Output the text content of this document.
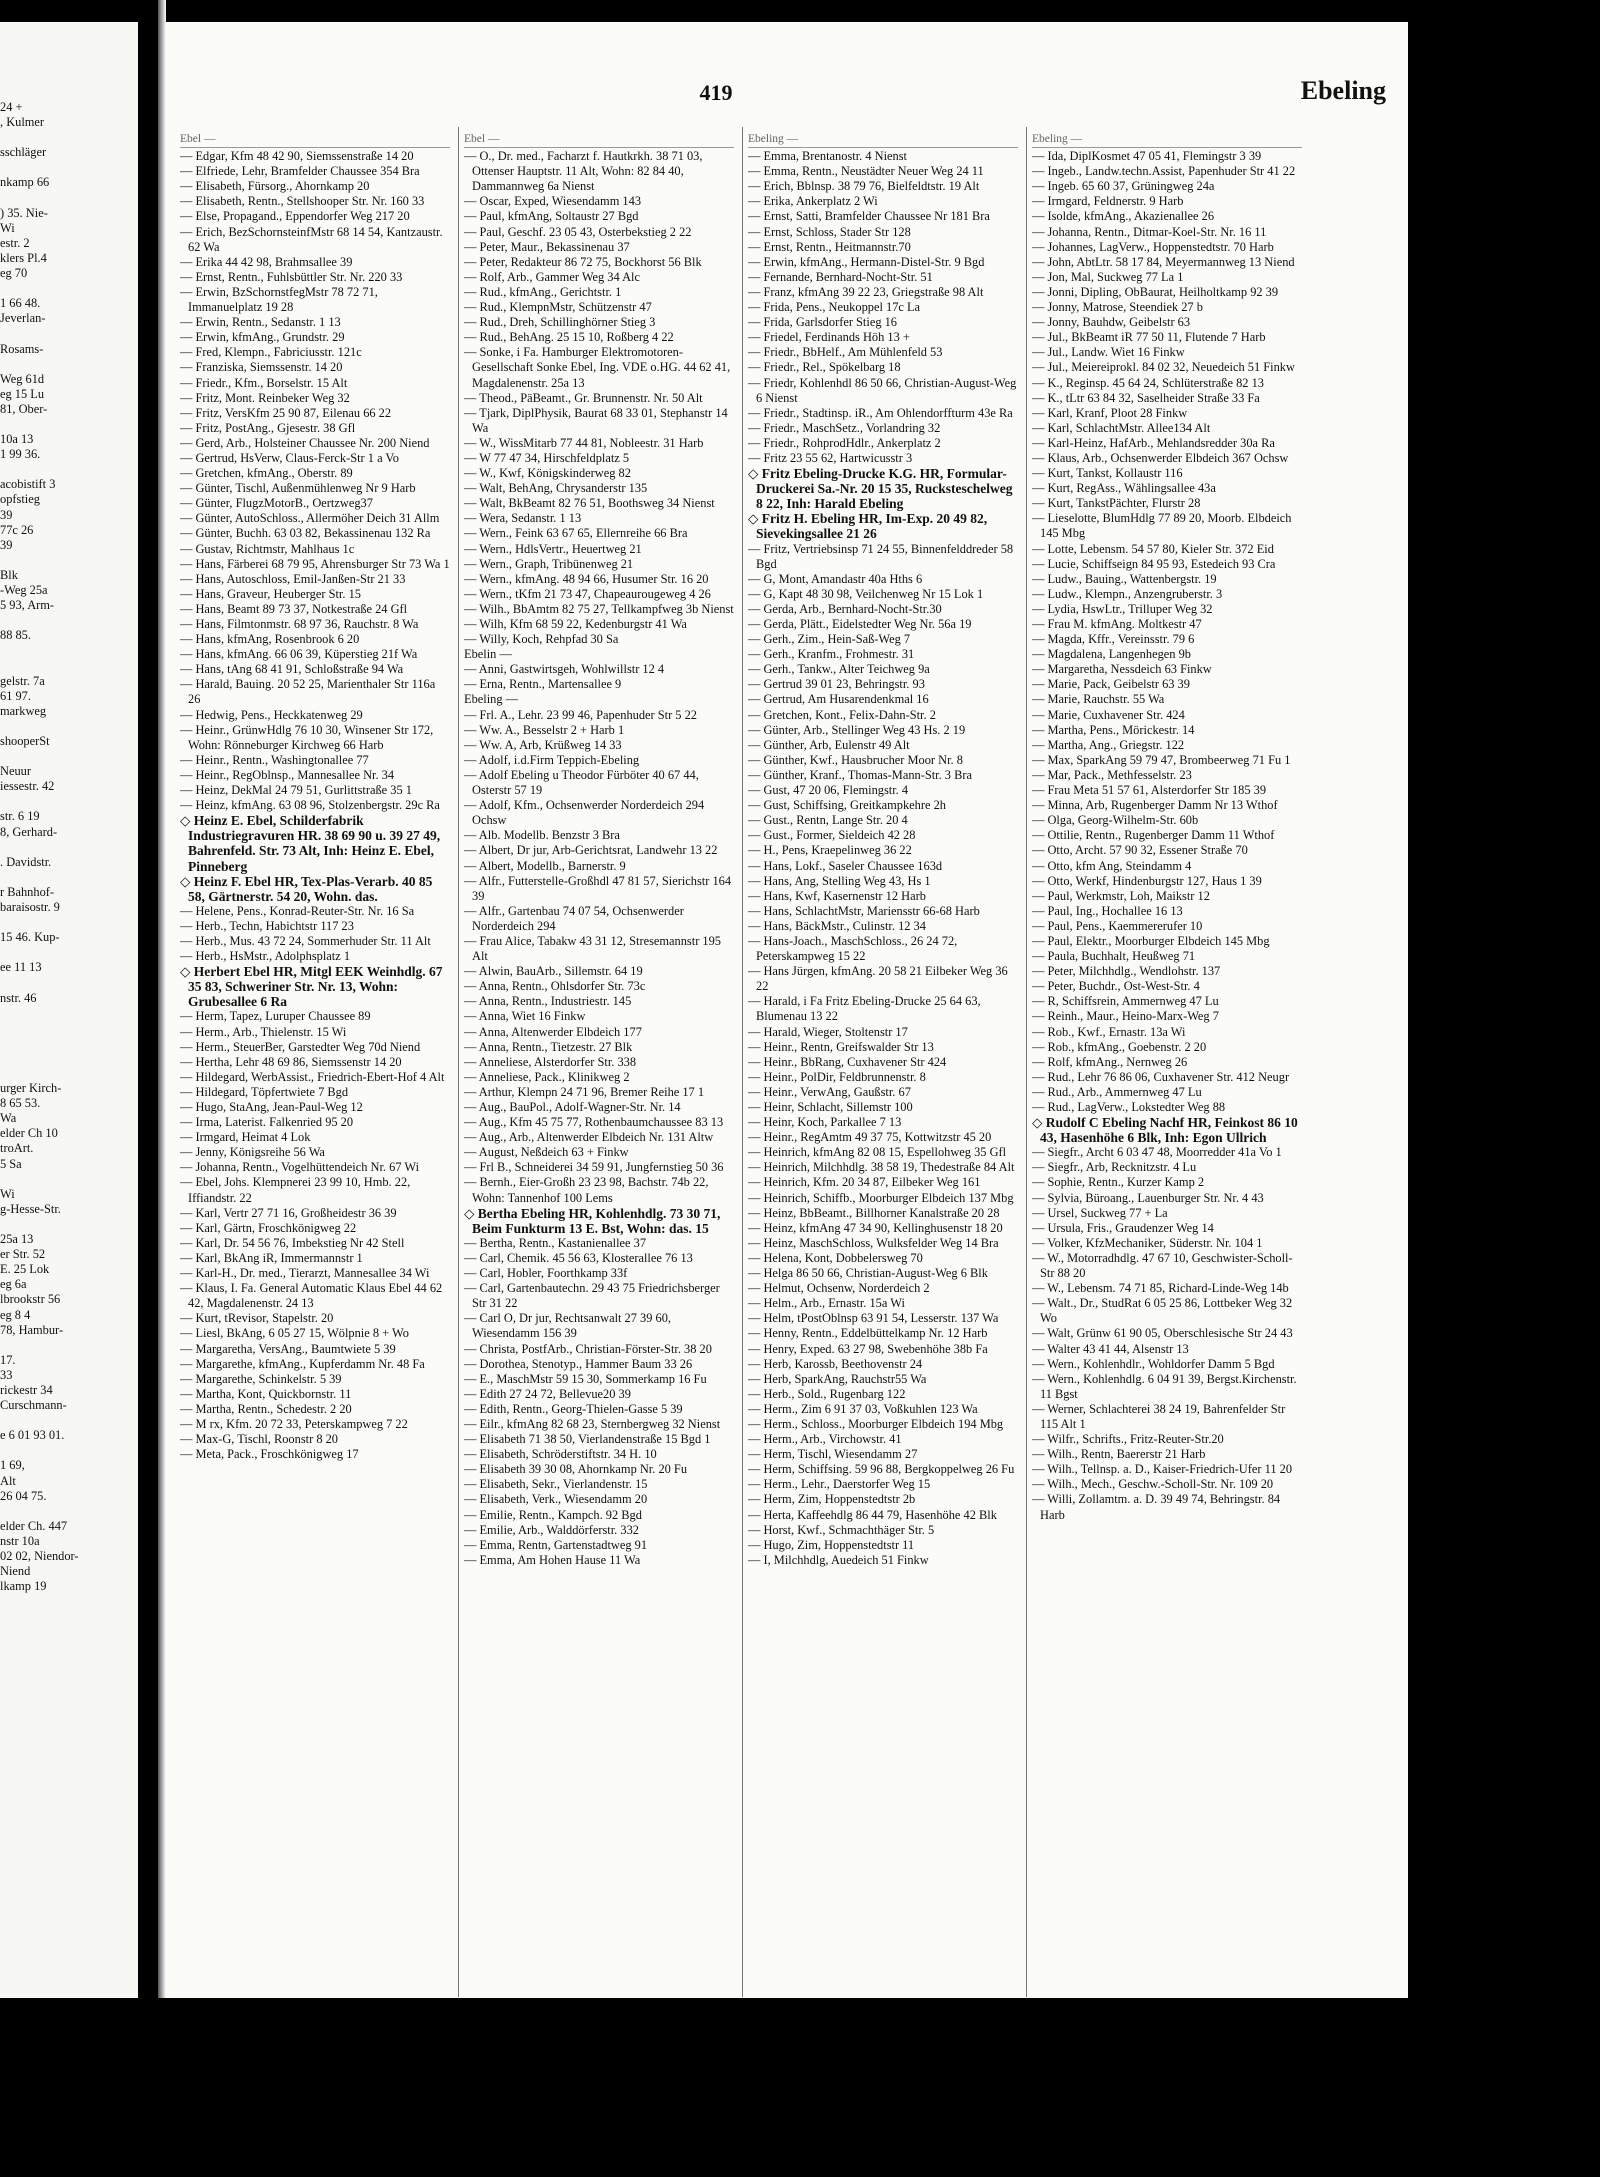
24 +
, Kulmer
sschläger
nkamp 66
) 35. Nie-
Wi
estr. 2
klers Pl.4
eg 70
1 66 48.
Jeverlan-
Rosams-
Weg 61d
eg 15 Lu
81, Ober-
10a 13
1 99 36.
acobistift 3
opfstieg
39
77c 26
39
Blk
-Weg 25a
5 93, Arm-
88 85.
gelstr. 7a
61 97.
markweg
shooperSt
Neuur
iessestr. 42
str. 6 19
8, Gerhard-
. Davidstr.
r Bahnhof-
baraisostr. 9
15 46. Kup-
ee 11 13
nstr. 46
urger Kirch-
8 65 53.
Wa
elder Ch 10
troArt.
5 Sa
Wi
g-Hesse-Str.
25a 13
er Str. 52
E. 25 Lok
eg 6a
lbrookstr 56
eg 8 4
78, Hambur-
17.
33
rickestr 34
Curschmann-
e 6 01 93 01.
1 69,
Alt
26 04 75.
elder Ch. 447
nstr 10a
02 02, Niendor-
Niend
lkamp 19
419	Ebeling
Ebel —
— Edgar, Kfm 48 42 90, Siemssenstraße 14 20
— Elfriede, Lehr, Bramfelder Chaussee 354 Bra
— Elisabeth, Fürsorg., Ahornkamp 20
— Elisabeth, Rentn., Stellshooper Str. Nr. 160 33
— Else, Propagand., Eppendorfer Weg 217 20
— Erich, BezSchornsteinfMstr 68 14 54, Kantzaustr. 62 Wa
— Erika 44 42 98, Brahmsallee 39
— Ernst, Rentn., Fuhlsbüttler Str. Nr. 220 33
— Erwin, BzSchornstfegMstr 78 72 71, Immanuelplatz 19 28
— Erwin, Rentn., Sedanstr. 1 13
— Erwin, kfmAng., Grundstr. 29
— Fred, Klempn., Fabriciusstr. 121c
— Franziska, Siemssenstr. 14 20
— Friedr., Kfm., Borselstr. 15 Alt
— Fritz, Mont. Reinbeker Weg 32
— Fritz, VersKfm 25 90 87, Eilenau 66 22
— Fritz, PostAng., Gjesestr. 38 Gfl
— Gerd, Arb., Holsteiner Chaussee Nr. 200 Niend
— Gertrud, HsVerw, Claus-Ferck-Str 1 a Vo
— Gretchen, kfmAng., Oberstr. 89
— Günter, Tischl, Außenmühlenweg Nr 9 Harb
— Günter, FlugzMotorB., Oertzweg37
— Günter, AutoSchloss., Allermöher Deich 31 Allm
— Günter, Buchh. 63 03 82, Bekassinenau 132 Ra
— Gustav, Richtmstr, Mahlhaus 1c
— Hans, Färberei 68 79 95, Ahrensburger Str 73 Wa 1
— Hans, Autoschloss, Emil-Janßen-Str 21 33
— Hans, Graveur, Heuberger Str. 15
— Hans, Beamt 89 73 37, Notkestraße 24 Gfl
— Hans, Filmtonmstr. 68 97 36, Rauchstr. 8 Wa
— Hans, kfmAng, Rosenbrook 6 20
— Hans, kfmAng. 66 06 39, Küperstieg 21f Wa
— Hans, tAng 68 41 91, Schloßstraße 94 Wa
— Harald, Bauing. 20 52 25, Marienthaler Str 116a 26
— Hedwig, Pens., Heckkatenweg 29
— Heinr., GrünwHdlg 76 10 30, Winsener Str 172, Wohn: Rönneburger Kirchweg 66 Harb
— Heinr., Rentn., Washingtonallee 77
— Heinr., RegOblnsp., Mannesallee Nr. 34
— Heinz, DekMal 24 79 51, Gurlittstraße 35 1
— Heinz, kfmAng. 63 08 96, Stolzenbergstr. 29c Ra
◇ Heinz E. Ebel, Schilderfabrik Industriegravuren HR. 38 69 90 u. 39 27 49, Bahrenfeld. Str. 73 Alt, Inh: Heinz E. Ebel, Pinneberg
◇ Heinz F. Ebel HR, Tex-Plas-Verarb. 40 85 58, Gärtnerstr. 54 20, Wohn. das.
— Helene, Pens., Konrad-Reuter-Str. Nr. 16 Sa
— Herb., Techn, Habichtstr 117 23
— Herb., Mus. 43 72 24, Sommerhuder Str. 11 Alt
— Herb., HsMstr., Adolphsplatz 1
◇ Herbert Ebel HR, Mitgl EEK Weinhdlg. 67 35 83, Schweriner Str. Nr. 13, Wohn: Grubesallee 6 Ra
— Herm, Tapez, Luruper Chaussee 89
— Herm., Arb., Thielenstr. 15 Wi
— Herm., SteuerBer, Garstedter Weg 70d Niend
— Hertha, Lehr 48 69 86, Siemssenstr 14 20
— Hildegard, WerbAssist., Friedrich-Ebert-Hof 4 Alt
— Hildegard, Töpfertwiete 7 Bgd
— Hugo, StaAng, Jean-Paul-Weg 12
— Irma, Laterist. Falkenried 95 20
— Irmgard, Heimat 4 Lok
— Jenny, Königsreihe 56 Wa
— Johanna, Rentn., Vogelhüttendeich Nr. 67 Wi
— Ebel, Johs. Klempnerei 23 99 10, Hmb. 22, Iffiandstr. 22
— Karl, Vertr 27 71 16, Großheidestr 36 39
— Karl, Gärtn, Froschkönigweg 22
— Karl, Dr. 54 56 76, Imbekstieg Nr 42 Stell
— Karl, BkAng iR, Immermannstr 1
— Karl-H., Dr. med., Tierarzt, Mannesallee 34 Wi
— Klaus, I. Fa. General Automatic Klaus Ebel 44 62 42, Magdalenenstr. 24 13
— Kurt, tRevisor, Stapelstr. 20
— Liesl, BkAng, 6 05 27 15, Wölpnie 8 + Wo
— Margaretha, VersAng., Baumtwiete 5 39
— Margarethe, kfmAng., Kupferdamm Nr. 48 Fa
— Margarethe, Schinkelstr. 5 39
— Martha, Kont, Quickbornstr. 11
— Martha, Rentn., Schedestr. 2 20
— M rx, Kfm. 20 72 33, Peterskampweg 7 22
— Max-G, Tischl, Roonstr 8 20
— Meta, Pack., Froschkönigweg 17
Ebel —
— O., Dr. med., Facharzt f. Hautkrkh. 38 71 03, Ottenser Hauptstr. 11 Alt, Wohn: 82 84 40, Dammannweg 6a Nienst
— Oscar, Exped, Wiesendamm 143
— Paul, kfmAng, Soltaustr 27 Bgd
— Paul, Geschf. 23 05 43, Osterbekstieg 2 22
— Peter, Maur., Bekassinenau 37
— Peter, Redakteur 86 72 75, Bockhorst 56 Blk
— Rolf, Arb., Gammer Weg 34 Alc
— Rud., kfmAng., Gerichtstr. 1
— Rud., KlempnMstr, Schützenstr 47
— Rud., Dreh, Schillinghörner Stieg 3
— Rud., BehAng. 25 15 10, Roßberg 4 22
— Sonke, i Fa. Hamburger Elektromotoren-Gesellschaft Sonke Ebel, Ing. VDE o.HG. 44 62 41, Magdalenenstr. 25a 13
— Theod., PäBeamt., Gr. Brunnenstr. Nr. 50 Alt
— Tjark, DiplPhysik, Baurat 68 33 01, Stephanstr 14 Wa
— W., WissMitarb 77 44 81, Nobleestr. 31 Harb
— W 77 47 34, Hirschfeldplatz 5
— W., Kwf, Königskinderweg 82
— Walt, BehAng, Chrysanderstr 135
— Walt, BkBeamt 82 76 51, Boothsweg 34 Nienst
— Wera, Sedanstr. 1 13
— Wern., Feink 63 67 65, Ellernreihe 66 Bra
— Wern., HdlsVertr., Heuertweg 21
— Wern., Graph, Tribünenweg 21
— Wern., kfmAng. 48 94 66, Husumer Str. 16 20
— Wern., tKfm 21 73 47, Chapeaurougeweg 4 26
— Wilh., BbAmtm 82 75 27, Tellkampfweg 3b Nienst
— Wilh, Kfm 68 59 22, Kedenburgstr 41 Wa
— Willy, Koch, Rehpfad 30 Sa
Ebelin —
— Anni, Gastwirtsgeh, Wohlwillstr 12 4
— Erna, Rentn., Martensallee 9
Ebeling —
— Frl. A., Lehr. 23 99 46, Papenhuder Str 5 22
— Ww. A., Besselstr 2 + Harb 1
— Ww. A, Arb, Krüßweg 14 33
— Adolf, i.d.Firm Teppich-Ebeling
— Adolf Ebeling u Theodor Fürböter 40 67 44, Osterstr 57 19
— Adolf, Kfm., Ochsenwerder Norderdeich 294 Ochsw
— Alb. Modellb. Benzstr 3 Bra
— Albert, Dr jur, Arb-Gerichtsrat, Landwehr 13 22
— Albert, Modellb., Barnerstr. 9
— Alfr., Futterstelle-Großhdl 47 81 57, Sierichstr 164 39
— Alfr., Gartenbau 74 07 54, Ochsenwerder Norderdeich 294
— Frau Alice, Tabakw 43 31 12, Stresemannstr 195 Alt
— Alwin, BauArb., Sillemstr. 64 19
— Anna, Rentn., Ohlsdorfer Str. 73c
— Anna, Rentn., Industriestr. 145
— Anna, Wiet 16 Finkw
— Anna, Altenwerder Elbdeich 177
— Anna, Rentn., Tietzestr. 27 Blk
— Anneliese, Alsterdorfer Str. 338
— Anneliese, Pack., Klinikweg 2
— Arthur, Klempn 24 71 96, Bremer Reihe 17 1
— Aug., BauPol., Adolf-Wagner-Str. Nr. 14
— Aug., Kfm 45 75 77, Rothenbaumchaussee 83 13
— Aug., Arb., Altenwerder Elbdeich Nr. 131 Altw
— August, Neßdeich 63 + Finkw
— Frl B., Schneiderei 34 59 91, Jungfernstieg 50 36
— Bernh., Eier-Großh 23 23 98, Bachstr. 74b 22, Wohn: Tannenhof 100 Lems
◇ Bertha Ebeling HR, Kohlenhdlg. 73 30 71, Beim Funkturm 13 E. Bst, Wohn: das. 15
— Bertha, Rentn., Kastanienallee 37
— Carl, Chemik. 45 56 63, Klosterallee 76 13
— Carl, Hobler, Foorthkamp 33f
— Carl, Gartenbautechn. 29 43 75 Friedrichsberger Str 31 22
— Carl O, Dr jur, Rechtsanwalt 27 39 60, Wiesendamm 156 39
— Christa, PostfArb., Christian-Förster-Str. 38 20
— Dorothea, Stenotyp., Hammer Baum 33 26
— E., MaschMstr 59 15 30, Sommerkamp 16 Fu
— Edith 27 24 72, Bellevue20 39
— Edith, Rentn., Georg-Thielen-Gasse 5 39
— Eilr., kfmAng 82 68 23, Sternbergweg 32 Nienst
— Elisabeth 71 38 50, Vierlandenstraße 15 Bgd 1
— Elisabeth, Schröderstiftstr. 34 H. 10
— Elisabeth 39 30 08, Ahornkamp Nr. 20 Fu
— Elisabeth, Sekr., Vierlandenstr. 15
— Elisabeth, Verk., Wiesendamm 20
— Emilie, Rentn., Kampch. 92 Bgd
— Emilie, Arb., Walddörferstr. 332
— Emma, Rentn, Gartenstadtweg 91
— Emma, Am Hohen Hause 11 Wa
Ebeling —
— Emma, Brentanostr. 4 Nienst
— Emma, Rentn., Neustädter Neuer Weg 24 11
— Erich, Bblnsp. 38 79 76, Bielfeldtstr. 19 Alt
— Erika, Ankerplatz 2 Wi
— Ernst, Satti, Bramfelder Chaussee Nr 181 Bra
— Ernst, Schloss, Stader Str 128
— Ernst, Rentn., Heitmannstr.70
— Erwin, kfmAng., Hermann-Distel-Str. 9 Bgd
— Fernande, Bernhard-Nocht-Str. 51
— Franz, kfmAng 39 22 23, Griegstraße 98 Alt
— Frida, Pens., Neukoppel 17c La
— Frida, Garlsdorfer Stieg 16
— Friedel, Ferdinands Höh 13 +
— Friedr., BbHelf., Am Mühlenfeld 53
— Friedr., Rel., Spökelbarg 18
— Friedr, Kohlenhdl 86 50 66, Christian-August-Weg 6 Nienst
— Friedr., Stadtinsp. iR., Am Ohlendorffturm 43e Ra
— Friedr., MaschSetz., Vorlandring 32
— Friedr., RohprodHdlr., Ankerplatz 2
— Fritz 23 55 62, Hartwicusstr 3
◇ Fritz Ebeling-Drucke K.G. HR, Formular-Druckerei Sa.-Nr. 20 15 35, Rucksteschelweg 8 22, Inh: Harald Ebeling
◇ Fritz H. Ebeling HR, Im-Exp. 20 49 82, Sievekingsallee 21 26
— Fritz, Vertriebsinsp 71 24 55, Binnenfelddreder 58 Bgd
— G, Mont, Amandastr 40a Hths 6
— G, Kapt 48 30 98, Veilchenweg Nr 15 Lok 1
— Gerda, Arb., Bernhard-Nocht-Str.30
— Gerda, Plätt., Eidelstedter Weg Nr. 56a 19
— Gerh., Zim., Hein-Saß-Weg 7
— Gerh., Kranfm., Frohmestr. 31
— Gerh., Tankw., Alter Teichweg 9a
— Gertrud 39 01 23, Behringstr. 93
— Gertrud, Am Husarendenkmal 16
— Gretchen, Kont., Felix-Dahn-Str. 2
— Günter, Arb., Stellinger Weg 43 Hs. 2 19
— Günther, Arb, Eulenstr 49 Alt
— Günther, Kwf., Hausbrucher Moor Nr. 8
— Günther, Kranf., Thomas-Mann-Str. 3 Bra
— Gust, 47 20 06, Flemingstr. 4
— Gust, Schiffsing, Greitkampkehre 2h
— Gust., Rentn, Lange Str. 20 4
— Gust., Former, Sieldeich 42 28
— H., Pens, Kraepelinweg 36 22
— Hans, Lokf., Saseler Chaussee 163d
— Hans, Ang, Stelling Weg 43, Hs 1
— Hans, Kwf, Kasernenstr 12 Harb
— Hans, SchlachtMstr, Mariensstr 66-68 Harb
— Hans, BäckMstr., Culinstr. 12 34
— Hans-Joach., MaschSchloss., 26 24 72, Peterskampweg 15 22
— Hans Jürgen, kfmAng. 20 58 21 Eilbeker Weg 36 22
— Harald, i Fa Fritz Ebeling-Drucke 25 64 63, Blumenau 13 22
— Harald, Wieger, Stoltenstr 17
— Heinr., Rentn, Greifswalder Str 13
— Heinr., BbRang, Cuxhavener Str 424
— Heinr., PolDir, Feldbrunnenstr. 8
— Heinr., VerwAng, Gaußstr. 67
— Heinr, Schlacht, Sillemstr 100
— Heinr, Koch, Parkallee 7 13
— Heinr., RegAmtm 49 37 75, Kottwitzstr 45 20
— Heinrich, kfmAng 82 08 15, Espellohweg 35 Gfl
— Heinrich, Milchhdlg. 38 58 19, Thedestraße 84 Alt
— Heinrich, Kfm. 20 34 87, Eilbeker Weg 161
— Heinrich, Schiffb., Moorburger Elbdeich 137 Mbg
— Heinz, BbBeamt., Billhorner Kanalstraße 20 28
— Heinz, kfmAng 47 34 90, Kellinghusenstr 18 20
— Heinz, MaschSchloss, Wulksfelder Weg 14 Bra
— Helena, Kont, Dobbelersweg 70
— Helga 86 50 66, Christian-August-Weg 6 Blk
— Helmut, Ochsenw, Norderdeich 2
— Helm., Arb., Ernastr. 15a Wi
— Helm, tPostOblnsp 63 91 54, Lesserstr. 137 Wa
— Henny, Rentn., Eddelbüttelkamp Nr. 12 Harb
— Henry, Exped. 63 27 98, Swebenhöhe 38b Fa
— Herb, Karossb, Beethovenstr 24
— Herb, SparkAng, Rauchstr55 Wa
— Herb., Sold., Rugenbarg 122
— Herm., Zim 6 91 37 03, Voßkuhlen 123 Wa
— Herm., Schloss., Moorburger Elbdeich 194 Mbg
— Herm., Arb., Virchowstr. 41
— Herm, Tischl, Wiesendamm 27
— Herm, Schiffsing. 59 96 88, Bergkoppelweg 26 Fu
— Herm., Lehr., Daerstorfer Weg 15
— Herm, Zim, Hoppenstedtstr 2b
— Herta, Kaffeehdlg 86 44 79, Hasenhöhe 42 Blk
— Horst, Kwf., Schmachthäger Str. 5
— Hugo, Zim, Hoppenstedtstr 11
— I, Milchhdlg, Auedeich 51 Finkw
Ebeling —
— Ida, DiplKosmet 47 05 41, Flemingstr 3 39
— Ingeb., Landw.techn.Assist, Papenhuder Str 41 22
— Ingeb. 65 60 37, Grüningweg 24a
— Irmgard, Feldnerstr. 9 Harb
— Isolde, kfmAng., Akazienallee 26
— Johanna, Rentn., Ditmar-Koel-Str. Nr. 16 11
— Johannes, LagVerw., Hoppenstedtstr. 70 Harb
— John, AbtLtr. 58 17 84, Meyermannweg 13 Niend
— Jon, Mal, Suckweg 77 La 1
— Jonni, Dipling, ObBaurat, Heilholtkamp 92 39
— Jonny, Matrose, Steendiek 27 b
— Jonny, Bauhdw, Geibelstr 63
— Jul., BkBeamt iR 77 50 11, Flutende 7 Harb
— Jul., Landw. Wiet 16 Finkw
— Jul., Meiereiprokl. 84 02 32, Neuedeich 51 Finkw
— K., Reginsp. 45 64 24, Schlüterstraße 82 13
— K., tLtr 63 84 32, Saselheider Straße 33 Fa
— Karl, Kranf, Ploot 28 Finkw
— Karl, SchlachtMstr. Allee134 Alt
— Karl-Heinz, HafArb., Mehlandsredder 30a Ra
— Klaus, Arb., Ochsenwerder Elbdeich 367 Ochsw
— Kurt, Tankst, Kollaustr 116
— Kurt, RegAss., Wählingsallee 43a
— Kurt, TankstPächter, Flurstr 28
— Lieselotte, BlumHdlg 77 89 20, Moorb. Elbdeich 145 Mbg
— Lotte, Lebensm. 54 57 80, Kieler Str. 372 Eid
— Lucie, Schiffseign 84 95 93, Estedeich 93 Cra
— Ludw., Bauing., Wattenbergstr. 19
— Ludw., Klempn., Anzengruberstr. 3
— Lydia, HswLtr., Trilluper Weg 32
— Frau M. kfmAng. Moltkestr 47
— Magda, Kffr., Vereinsstr. 79 6
— Magdalena, Langenhegen 9b
— Margaretha, Nessdeich 63 Finkw
— Marie, Pack, Geibelstr 63 39
— Marie, Rauchstr. 55 Wa
— Marie, Cuxhavener Str. 424
— Martha, Pens., Mörickestr. 14
— Martha, Ang., Griegstr. 122
— Max, SparkAng 59 79 47, Brombeerweg 71 Fu 1
— Mar, Pack., Methfesselstr. 23
— Frau Meta 51 57 61, Alsterdorfer Str 185 39
— Minna, Arb, Rugenberger Damm Nr 13 Wthof
— Olga, Georg-Wilhelm-Str. 60b
— Ottilie, Rentn., Rugenberger Damm 11 Wthof
— Otto, Archt. 57 90 32, Essener Straße 70
— Otto, kfm Ang, Steindamm 4
— Otto, Werkf, Hindenburgstr 127, Haus 1 39
— Paul, Werkmstr, Loh, Maikstr 12
— Paul, Ing., Hochallee 16 13
— Paul, Pens., Kaemmererufer 10
— Paul, Elektr., Moorburger Elbdeich 145 Mbg
— Paula, Buchhalt, Heußweg 71
— Peter, Milchhdlg., Wendlohstr. 137
— Peter, Buchdr., Ost-West-Str. 4
— R, Schiffsrein, Ammernweg 47 Lu
— Reinh., Maur., Heino-Marx-Weg 7
— Rob., Kwf., Ernastr. 13a Wi
— Rob., kfmAng., Goebenstr. 2 20
— Rolf, kfmAng., Nernweg 26
— Rud., Lehr 76 86 06, Cuxhavener Str. 412 Neugr
— Rud., Arb., Ammernweg 47 Lu
— Rud., LagVerw., Lokstedter Weg 88
◇ Rudolf C Ebeling Nachf HR, Feinkost 86 10 43, Hasenhöhe 6 Blk, Inh: Egon Ullrich
— Siegfr., Archt 6 03 47 48, Moorredder 41a Vo 1
— Siegfr., Arb, Recknitzstr. 4 Lu
— Sophie, Rentn., Kurzer Kamp 2
— Sylvia, Büroang., Lauenburger Str. Nr. 4 43
— Ursel, Suckweg 77 + La
— Ursula, Fris., Graudenzer Weg 14
— Volker, KfzMechaniker, Süderstr. Nr. 104 1
— W., Motorradhdlg. 47 67 10, Geschwister-Scholl-Str 88 20
— W., Lebensm. 74 71 85, Richard-Linde-Weg 14b
— Walt., Dr., StudRat 6 05 25 86, Lottbeker Weg 32 Wo
— Walt, Grünw 61 90 05, Oberschlesische Str 24 43
— Walter 43 41 44, Alsenstr 13
— Wern., Kohlenhdlr., Wohldorfer Damm 5 Bgd
— Wern., Kohlenhdlg. 6 04 91 39, Bergst.Kirchenstr. 11 Bgst
— Werner, Schlachterei 38 24 19, Bahrenfelder Str 115 Alt 1
— Wilfr., Schrifts., Fritz-Reuter-Str.20
— Wilh., Rentn, Baererstr 21 Harb
— Wilh., Tellnsp. a. D., Kaiser-Friedrich-Ufer 11 20
— Wilh., Mech., Geschw.-Scholl-Str. Nr. 109 20
— Willi, Zollamtm. a. D. 39 49 74, Behringstr. 84 Harb
